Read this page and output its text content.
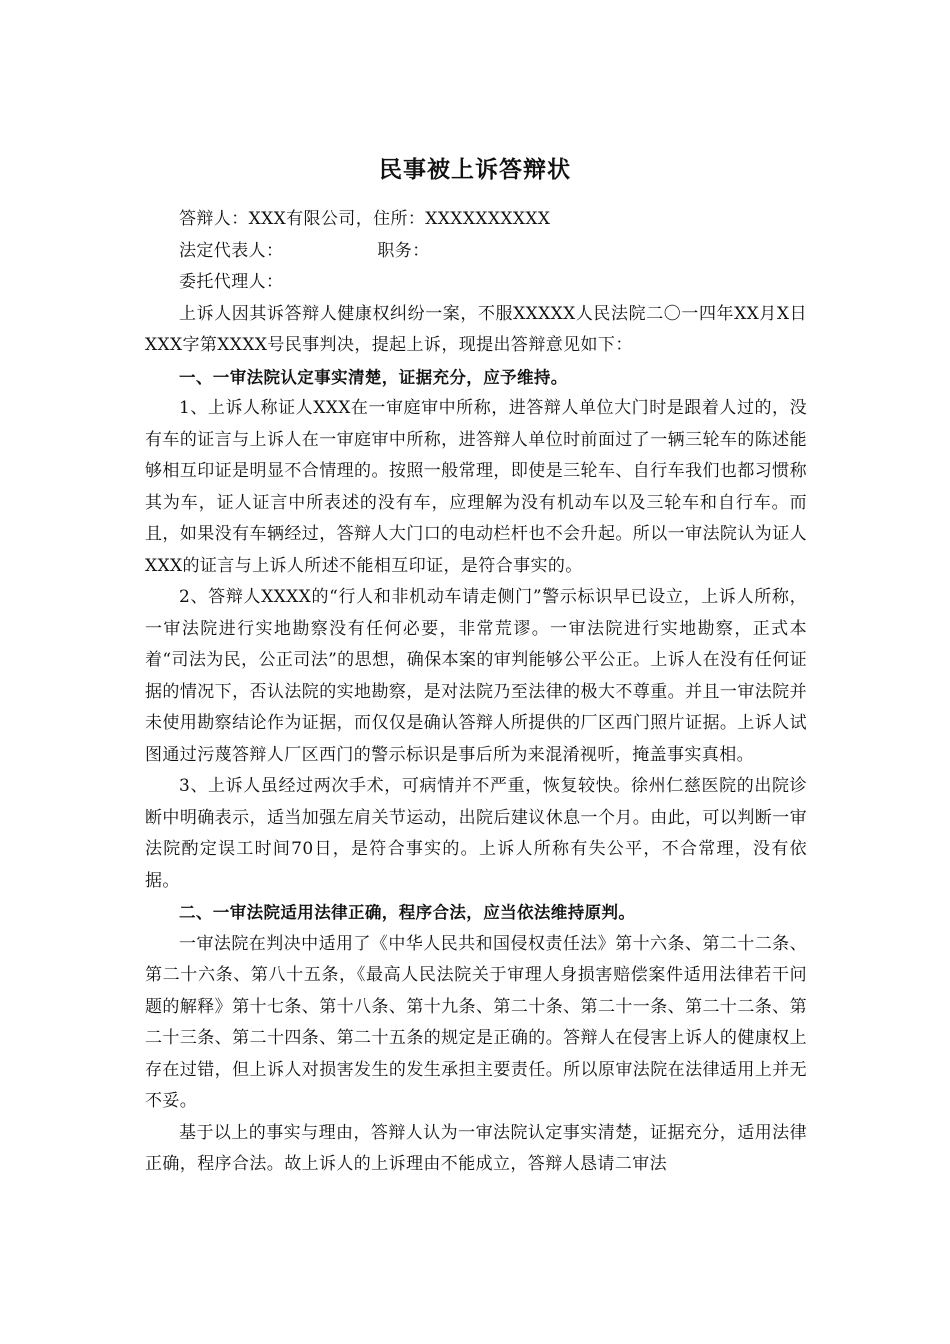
民事被上诉答辩状

答辩人：XXX有限公司，住所：XXXXXXXXXX

法定代表人：	职务：

委托代理人：

上诉人因其诉答辩人健康权纠纷一案，不服XXXXX人民法院二〇一四年XX月X日XXX字第XXXX号民事判决，提起上诉，现提出答辩意见如下：

一、一审法院认定事实清楚，证据充分，应予维持。

1、上诉人称证人XXX在一审庭审中所称，进答辩人单位大门时是跟着人过的，没有车的证言与上诉人在一审庭审中所称，进答辩人单位时前面过了一辆三轮车的陈述能够相互印证是明显不合情理的。按照一般常理，即使是三轮车、自行车我们也都习惯称其为车，证人证言中所表述的没有车，应理解为没有机动车以及三轮车和自行车。而且，如果没有车辆经过，答辩人大门口的电动栏杆也不会升起。所以一审法院认为证人XXX的证言与上诉人所述不能相互印证，是符合事实的。

2、答辩人XXXX的“行人和非机动车请走侧门”警示标识早已设立，上诉人所称，一审法院进行实地勘察没有任何必要，非常荒谬。一审法院进行实地勘察，正式本着“司法为民，公正司法”的思想，确保本案的审判能够公平公正。上诉人在没有任何证据的情况下，否认法院的实地勘察，是对法院乃至法律的极大不尊重。并且一审法院并未使用勘察结论作为证据，而仅仅是确认答辩人所提供的厂区西门照片证据。上诉人试图通过污蔑答辩人厂区西门的警示标识是事后所为来混淆视听，掩盖事实真相。

3、上诉人虽经过两次手术，可病情并不严重，恢复较快。徐州仁慈医院的出院诊断中明确表示，适当加强左肩关节运动，出院后建议休息一个月。由此，可以判断一审法院酌定误工时间70日，是符合事实的。上诉人所称有失公平，不合常理，没有依据。

二、一审法院适用法律正确，程序合法，应当依法维持原判。

一审法院在判决中适用了《中华人民共和国侵权责任法》第十六条、第二十二条、第二十六条、第八十五条，《最高人民法院关于审理人身损害赔偿案件适用法律若干问题的解释》第十七条、第十八条、第十九条、第二十条、第二十一条、第二十二条、第二十三条、第二十四条、第二十五条的规定是正确的。答辩人在侵害上诉人的健康权上存在过错，但上诉人对损害发生的发生承担主要责任。所以原审法院在法律适用上并无不妥。

基于以上的事实与理由，答辩人认为一审法院认定事实清楚，证据充分，适用法律正确，程序合法。故上诉人的上诉理由不能成立，答辩人恳请二审法
